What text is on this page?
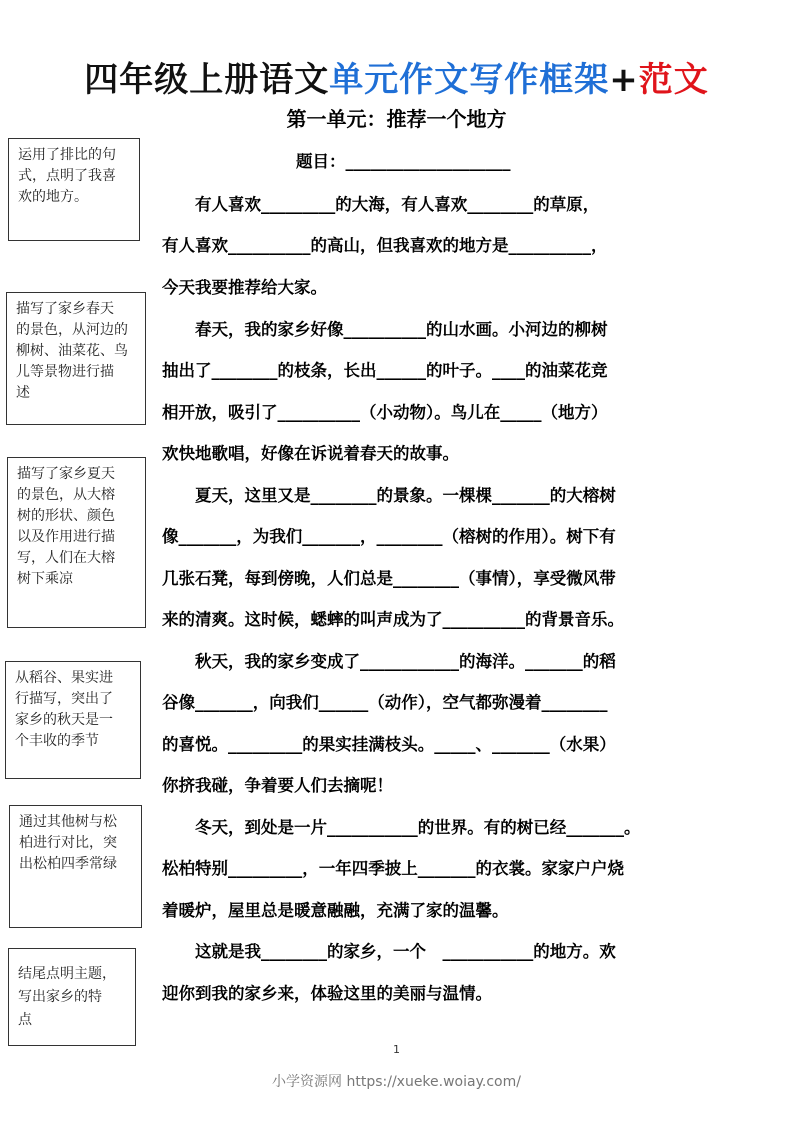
四年级上册语文单元作文写作框架+范文
第一单元：推荐一个地方
运用了排比的句
式，点明了我喜
欢的地方。
描写了家乡春天
的景色，从河边的
柳树、油菜花、鸟
儿等景物进行描
述
描写了家乡夏天
的景色，从大榕
树的形状、颜色
以及作用进行描
写，人们在大榕
树下乘凉
从稻谷、果实进
行描写，突出了
家乡的秋天是一
个丰收的季节
通过其他树与松
柏进行对比，突
出松柏四季常绿
结尾点明主题，
写出家乡的特
点
题目：____________________
　　有人喜欢_________的大海，有人喜欢________的草原，
有人喜欢__________的高山，但我喜欢的地方是__________，
今天我要推荐给大家。
　　春天，我的家乡好像__________的山水画。小河边的柳树
抽出了________的枝条，长出______的叶子。____的油菜花竞
相开放，吸引了__________（小动物）。鸟儿在_____（地方）
欢快地歌唱，好像在诉说着春天的故事。
　　夏天，这里又是________的景象。一棵棵_______的大榕树
像_______，为我们_______，________（榕树的作用）。树下有
几张石凳，每到傍晚，人们总是________（事情），享受微风带
来的清爽。这时候，蟋蟀的叫声成为了__________的背景音乐。
　　秋天，我的家乡变成了____________的海洋。_______的稻
谷像_______，向我们______（动作），空气都弥漫着________
的喜悦。_________的果实挂满枝头。_____、_______（水果）
你挤我碰，争着要人们去摘呢！
　　冬天，到处是一片___________的世界。有的树已经_______。
松柏特别_________，一年四季披上_______的衣裳。家家户户烧
着暖炉，屋里总是暖意融融，充满了家的温馨。
　　这就是我________的家乡，一个　___________的地方。欢
迎你到我的家乡来，体验这里的美丽与温情。
1
小学资源网 https://xueke.woiay.com/
